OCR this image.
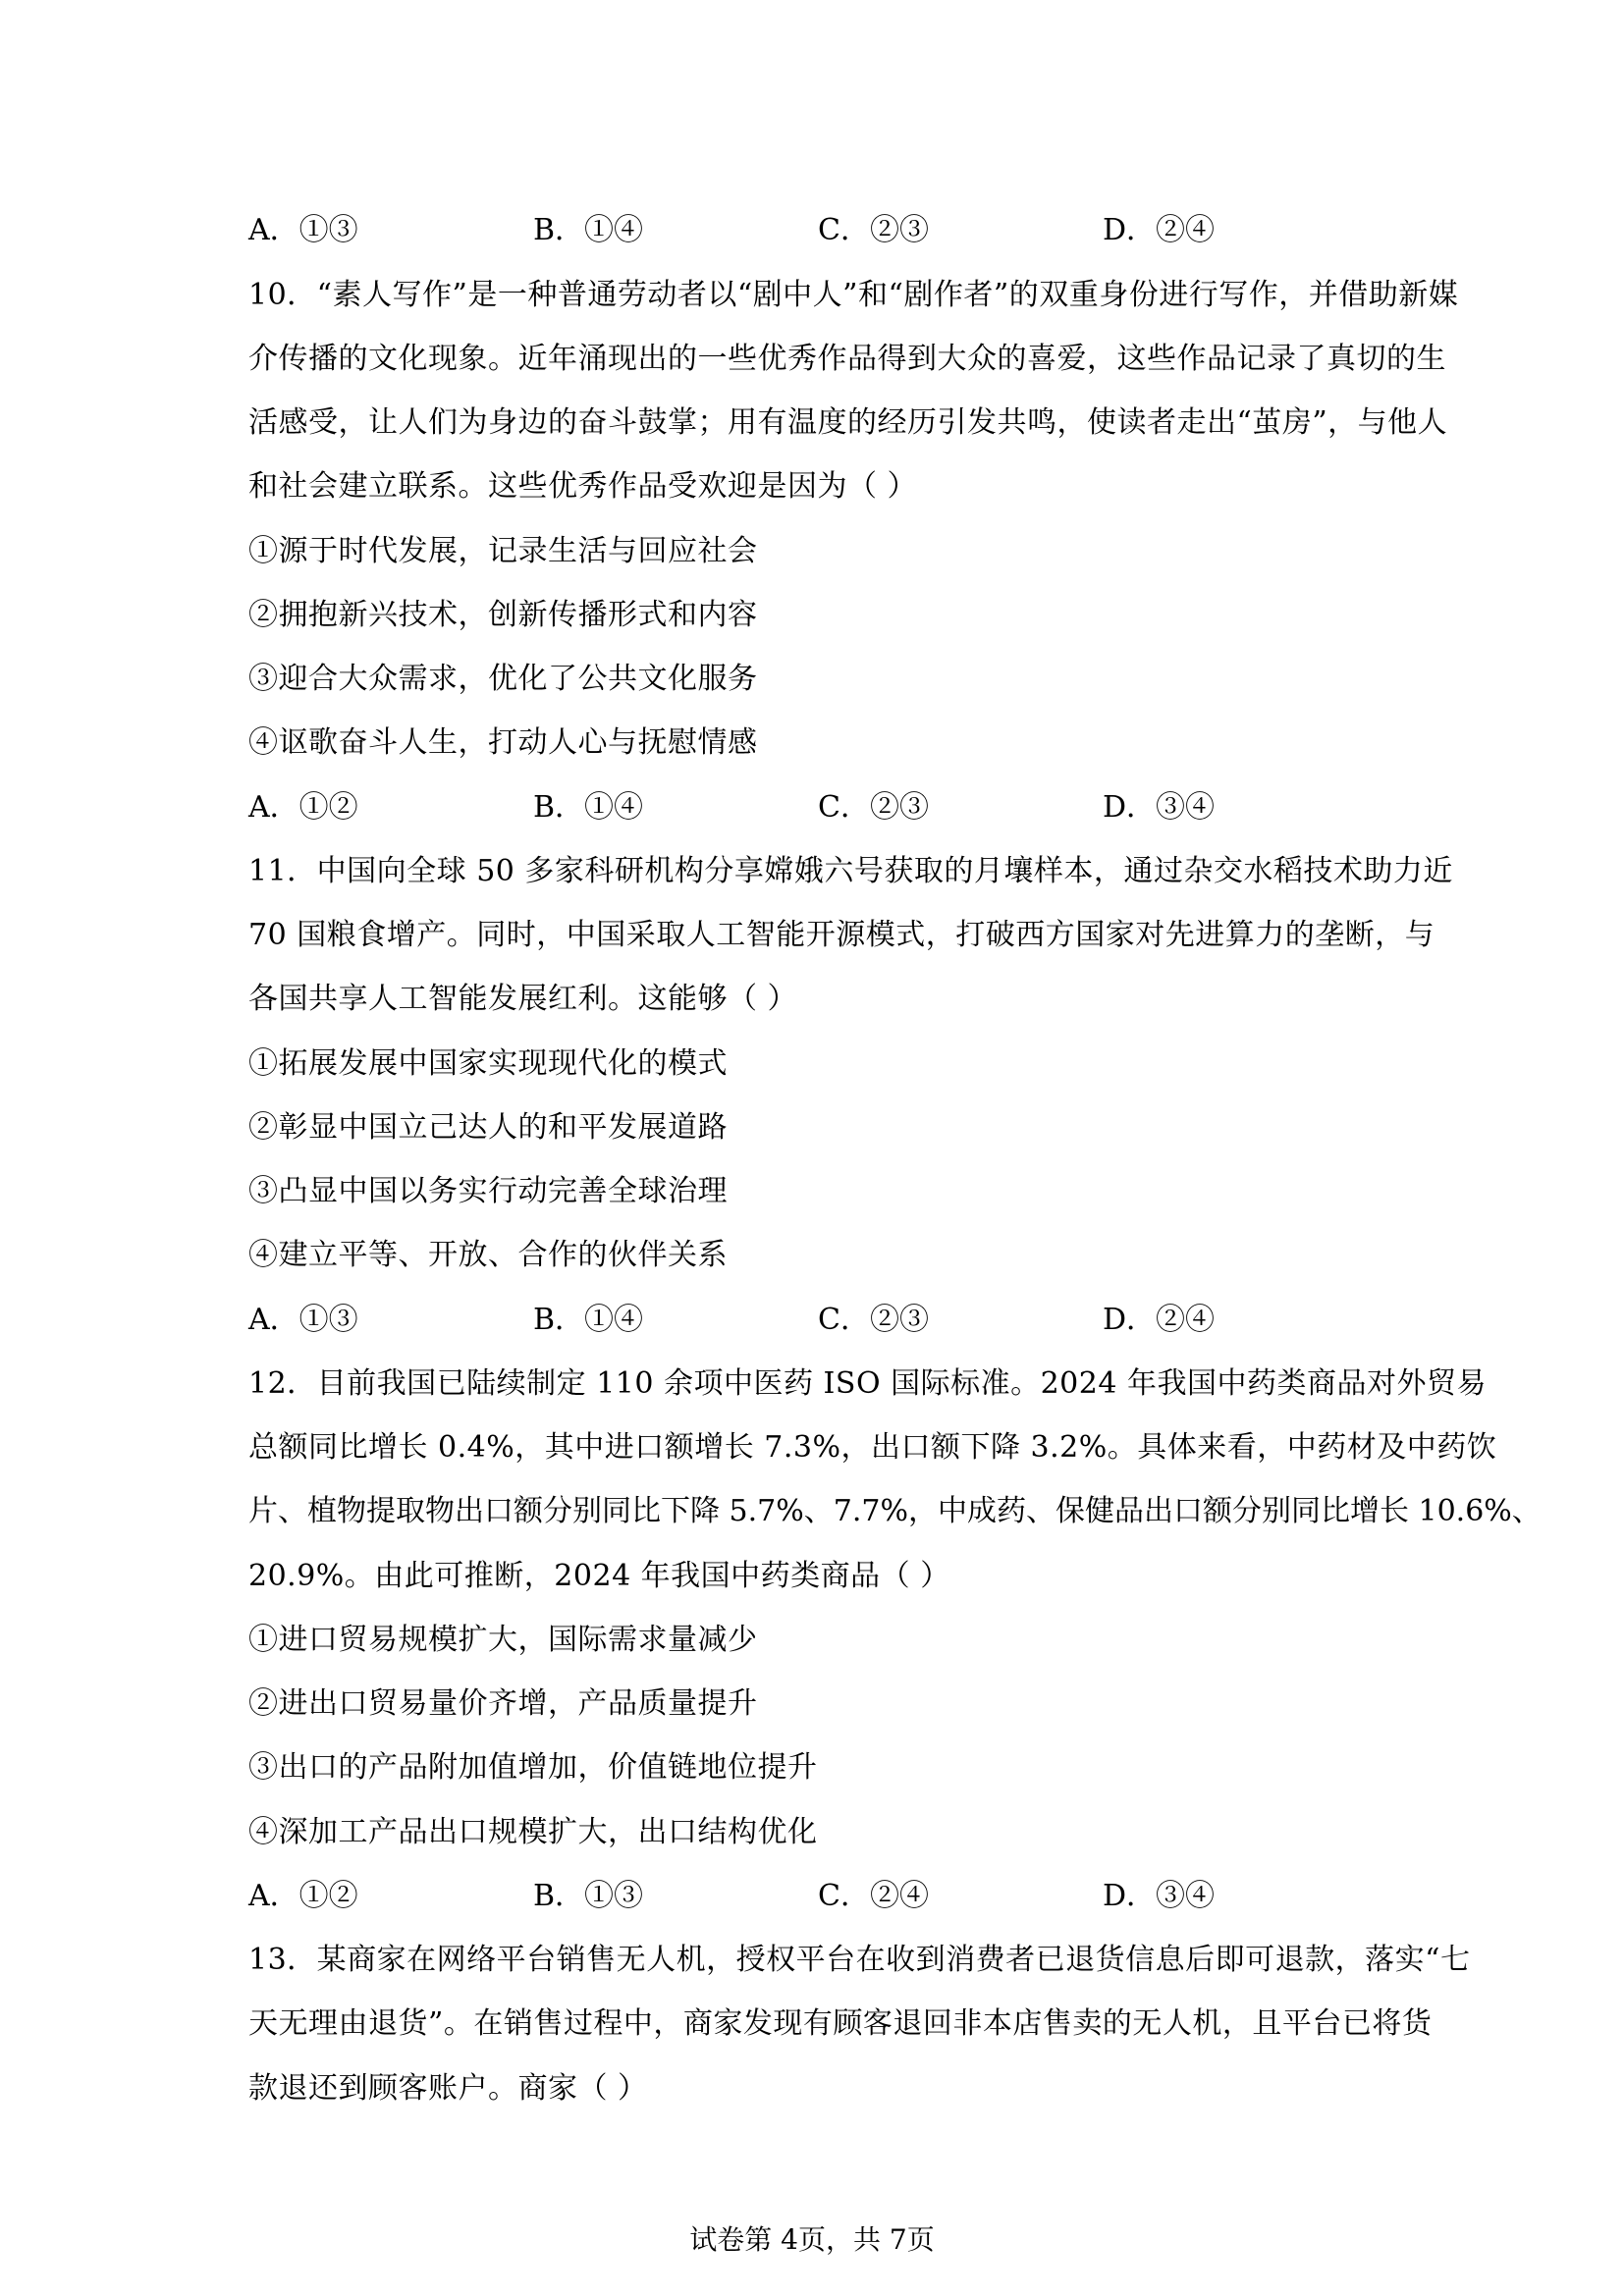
A．①③	B．①④	C．②③	D．②④
10．“素人写作”是一种普通劳动者以“剧中人”和“剧作者”的双重身份进行写作，并借助新媒
介传播的文化现象。近年涌现出的一些优秀作品得到大众的喜爱，这些作品记录了真切的生
活感受，让人们为身边的奋斗鼓掌；用有温度的经历引发共鸣，使读者走出“茧房”，与他人
和社会建立联系。这些优秀作品受欢迎是因为（ ）
①源于时代发展，记录生活与回应社会
②拥抱新兴技术，创新传播形式和内容
③迎合大众需求，优化了公共文化服务
④讴歌奋斗人生，打动人心与抚慰情感
A．①②	B．①④	C．②③	D．③④
11．中国向全球 50 多家科研机构分享嫦娥六号获取的月壤样本，通过杂交水稻技术助力近
70 国粮食增产。同时，中国采取人工智能开源模式，打破西方国家对先进算力的垄断，与
各国共享人工智能发展红利。这能够（ ）
①拓展发展中国家实现现代化的模式
②彰显中国立己达人的和平发展道路
③凸显中国以务实行动完善全球治理
④建立平等、开放、合作的伙伴关系
A．①③	B．①④	C．②③	D．②④
12．目前我国已陆续制定 110 余项中医药 ISO 国际标准。2024 年我国中药类商品对外贸易
总额同比增长 0.4%，其中进口额增长 7.3%，出口额下降 3.2%。具体来看，中药材及中药饮
片、植物提取物出口额分别同比下降 5.7%、7.7%，中成药、保健品出口额分别同比增长 10.6%、
20.9%。由此可推断，2024 年我国中药类商品（ ）
①进口贸易规模扩大，国际需求量减少
②进出口贸易量价齐增，产品质量提升
③出口的产品附加值增加，价值链地位提升
④深加工产品出口规模扩大，出口结构优化
A．①②	B．①③	C．②④	D．③④
13．某商家在网络平台销售无人机，授权平台在收到消费者已退货信息后即可退款，落实“七
天无理由退货”。在销售过程中，商家发现有顾客退回非本店售卖的无人机，且平台已将货
款退还到顾客账户。商家（ ）
试卷第 4页，共 7页
